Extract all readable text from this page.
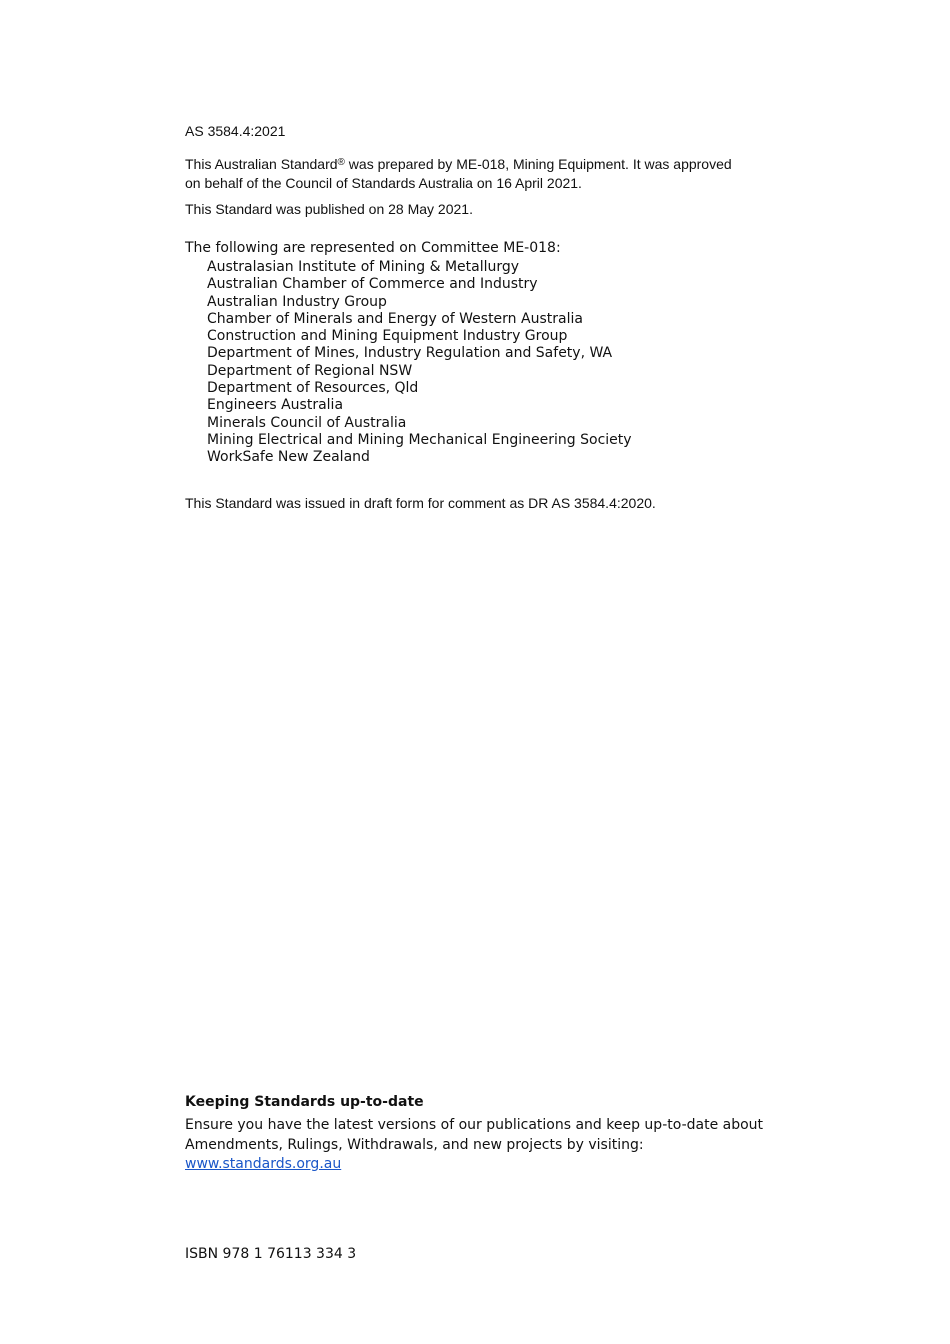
AS 3584.4:2021
This Australian Standard® was prepared by ME-018, Mining Equipment. It was approved
on behalf of the Council of Standards Australia on 16 April 2021.
This Standard was published on 28 May 2021.
The following are represented on Committee ME-018:
Australasian Institute of Mining & Metallurgy
Australian Chamber of Commerce and Industry
Australian Industry Group
Chamber of Minerals and Energy of Western Australia
Construction and Mining Equipment Industry Group
Department of Mines, Industry Regulation and Safety, WA
Department of Regional NSW
Department of Resources, Qld
Engineers Australia
Minerals Council of Australia
Mining Electrical and Mining Mechanical Engineering Society
WorkSafe New Zealand
This Standard was issued in draft form for comment as DR AS 3584.4:2020.
Keeping Standards up-to-date
Ensure you have the latest versions of our publications and keep up-to-date about
Amendments, Rulings, Withdrawals, and new projects by visiting:
www.standards.org.au
ISBN 978 1 76113 334 3
